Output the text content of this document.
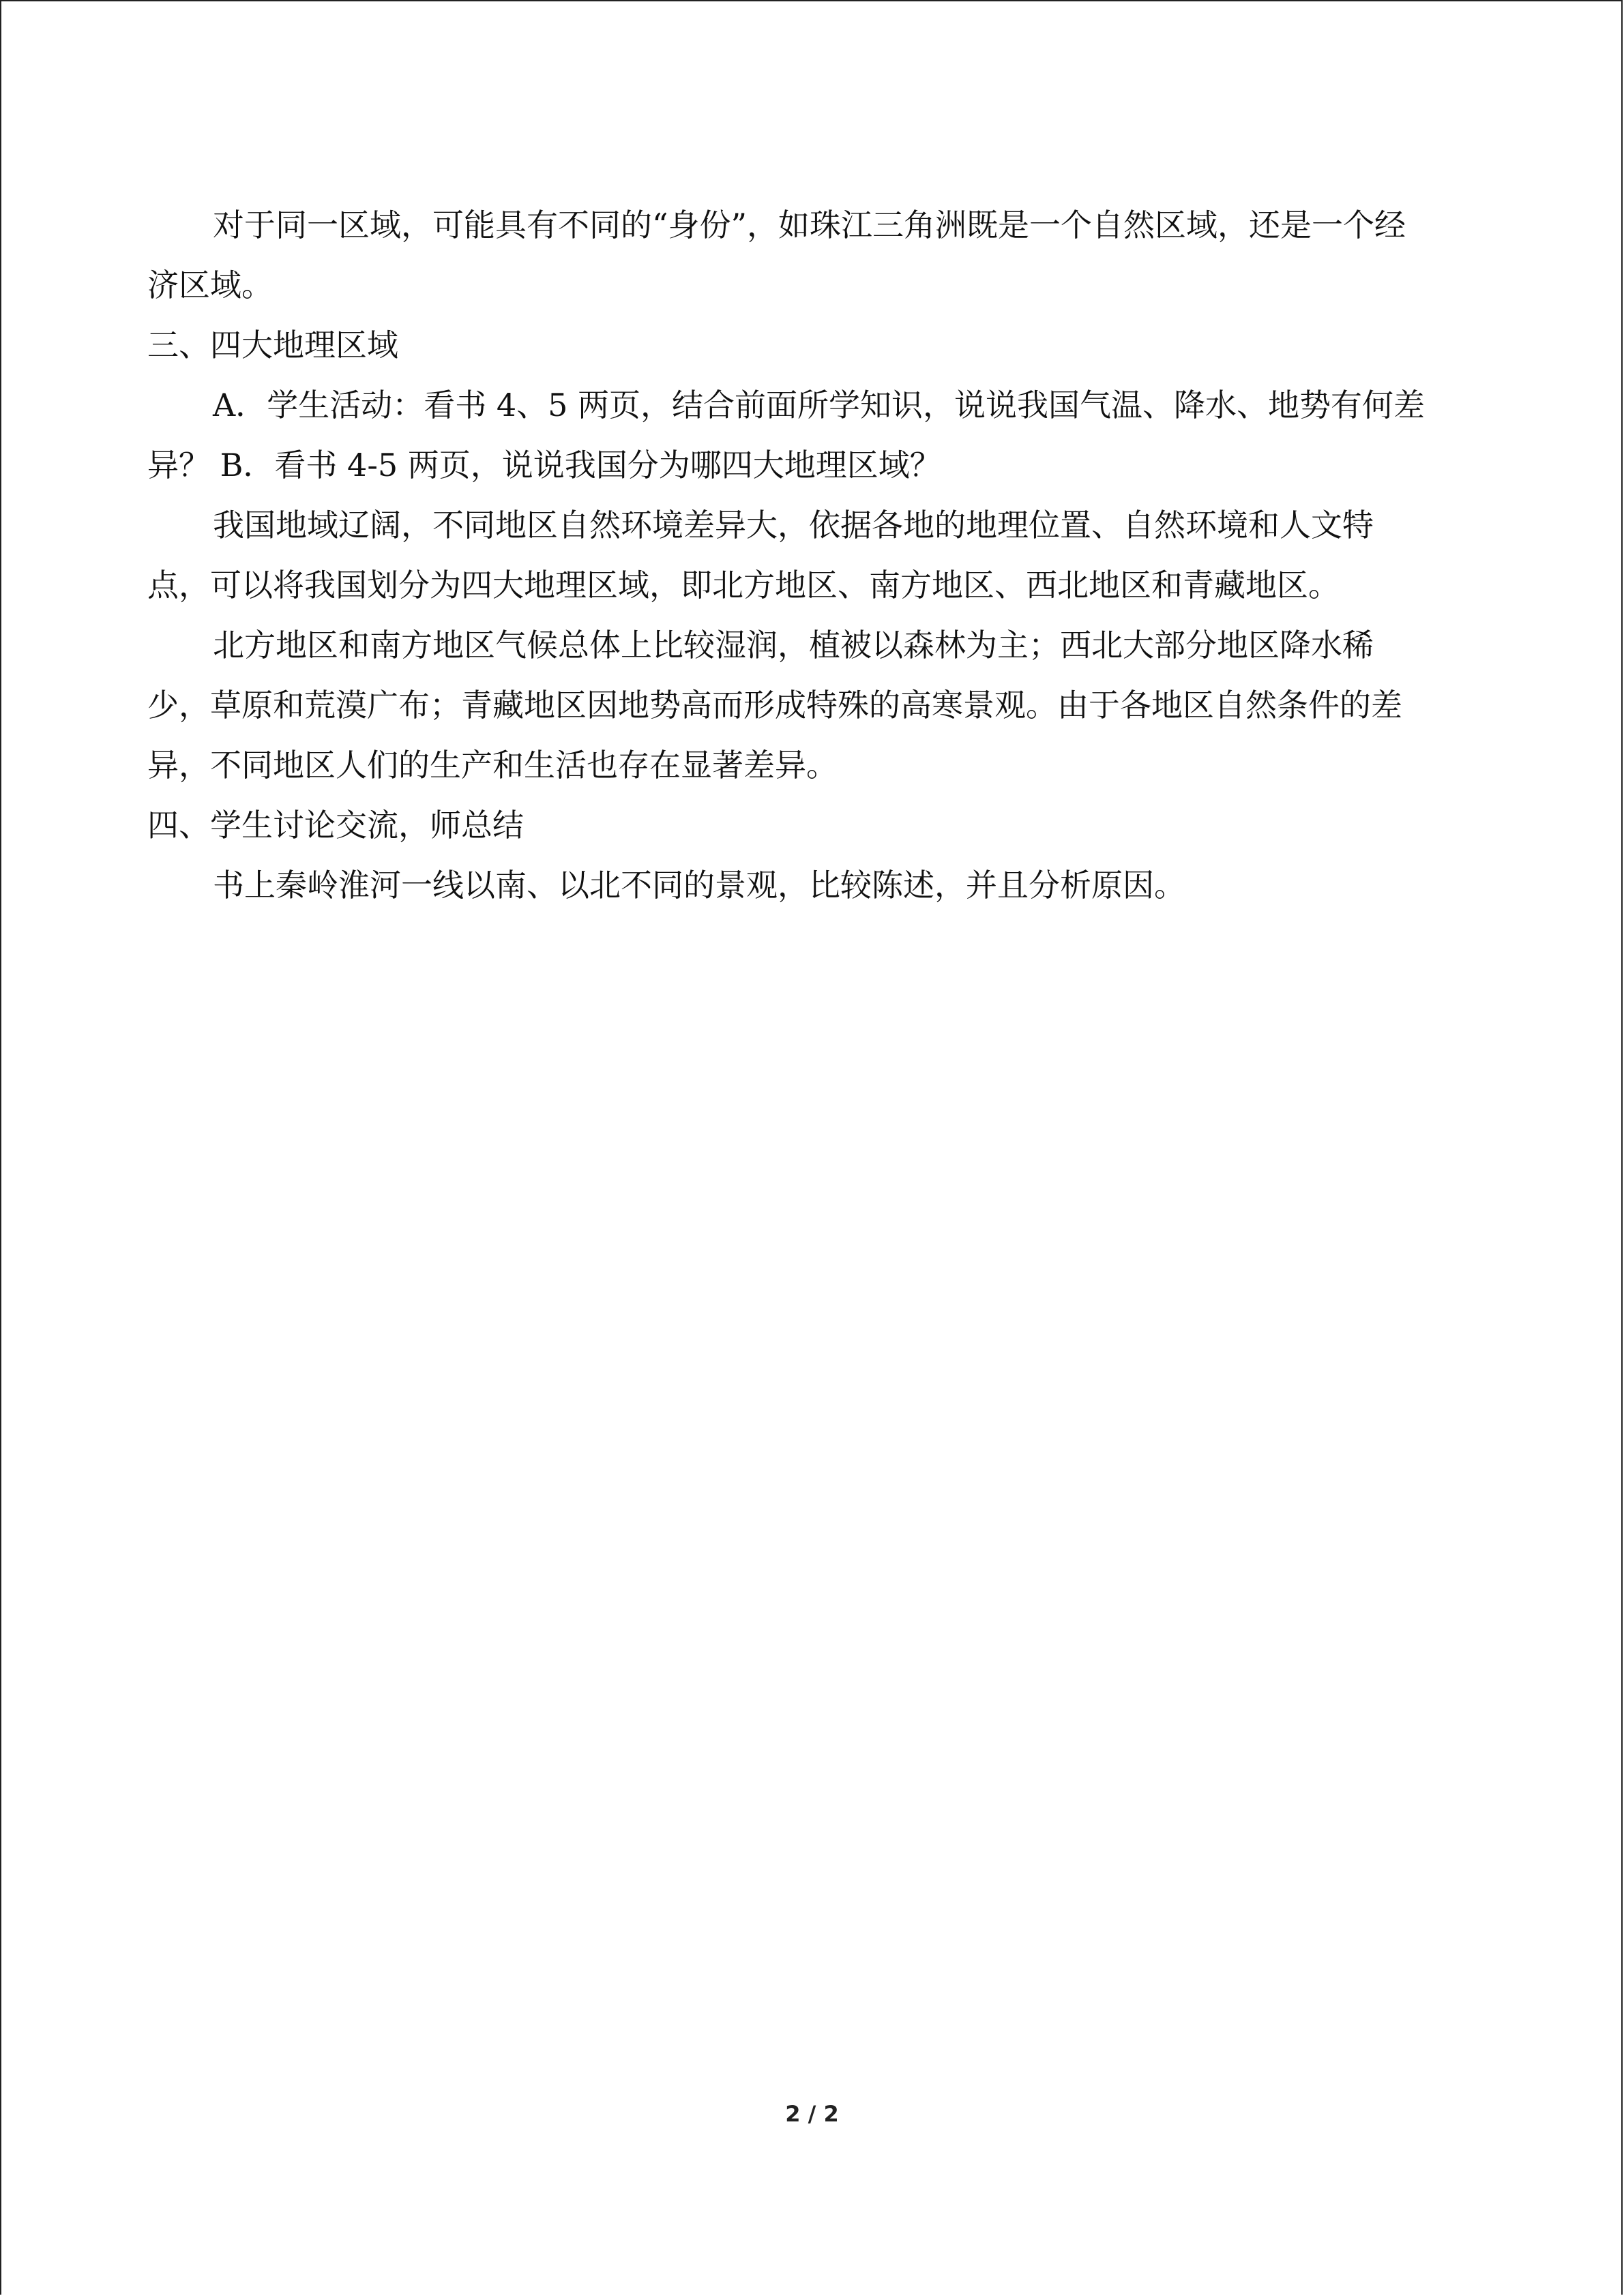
对于同一区域，可能具有不同的“身份”，如珠江三角洲既是一个自然区域，还是一个经
济区域。
三、四大地理区域
A．学生活动：看书 4、5 两页，结合前面所学知识，说说我国气温、降水、地势有何差
异？ B．看书 4-5 两页，说说我国分为哪四大地理区域？
我国地域辽阔，不同地区自然环境差异大，依据各地的地理位置、自然环境和人文特
点，可以将我国划分为四大地理区域，即北方地区、南方地区、西北地区和青藏地区。
北方地区和南方地区气候总体上比较湿润，植被以森林为主；西北大部分地区降水稀
少，草原和荒漠广布；青藏地区因地势高而形成特殊的高寒景观。由于各地区自然条件的差
异，不同地区人们的生产和生活也存在显著差异。
四、学生讨论交流，师总结
书上秦岭淮河一线以南、以北不同的景观，比较陈述，并且分析原因。
2 / 2
